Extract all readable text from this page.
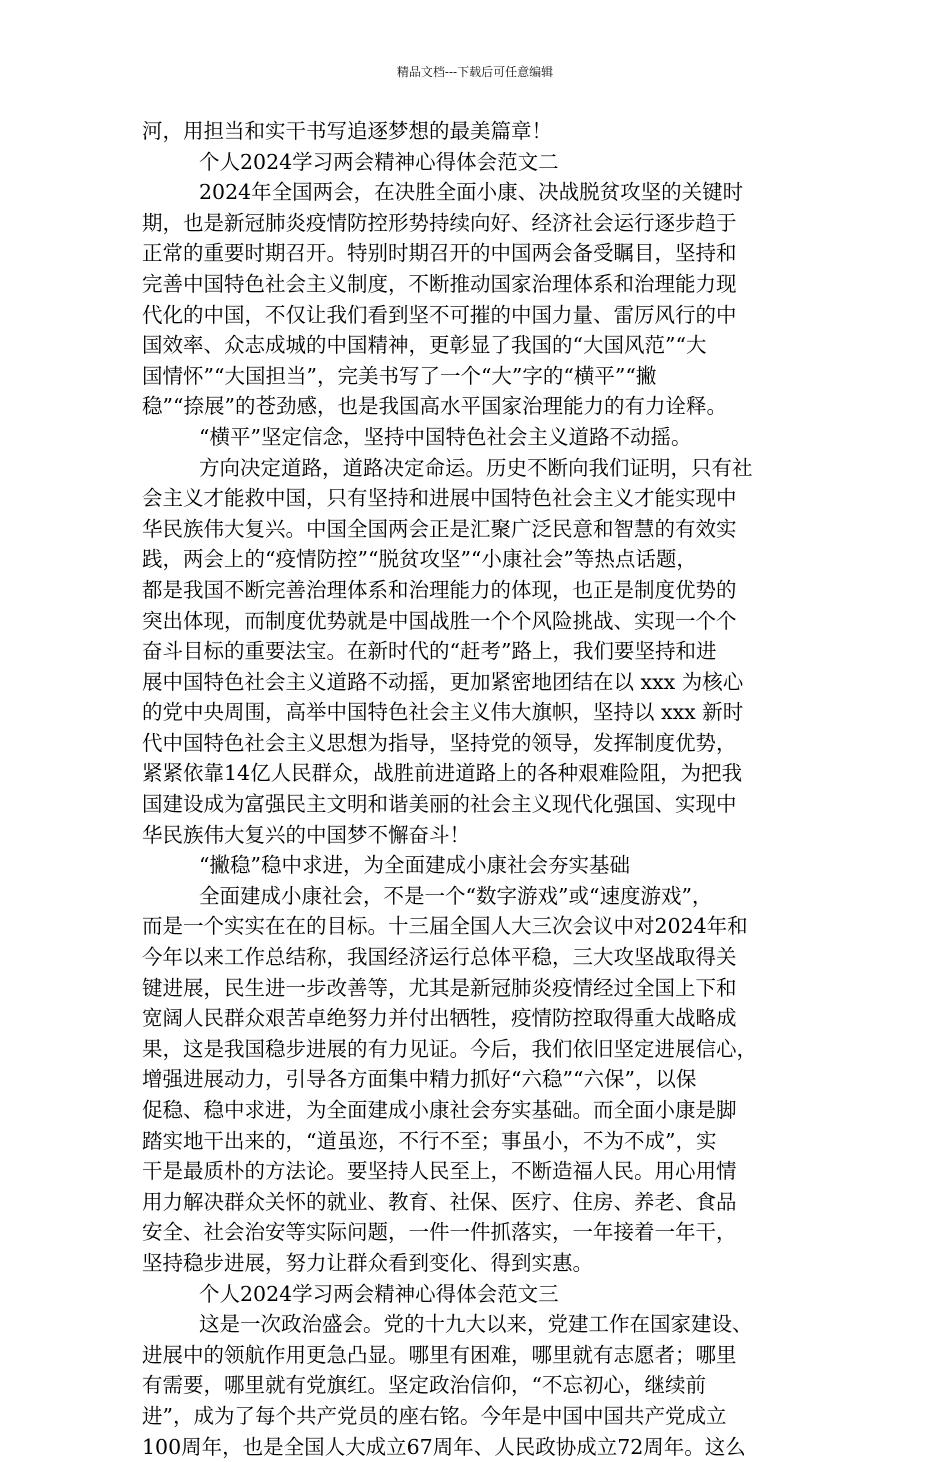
精品文档---下载后可任意编辑
河，用担当和实干书写追逐梦想的最美篇章！
个人2024学习两会精神心得体会范文二
2024年全国两会，在决胜全面小康、决战脱贫攻坚的关键时
期，也是新冠肺炎疫情防控形势持续向好、经济社会运行逐步趋于
正常的重要时期召开。特别时期召开的中国两会备受瞩目，坚持和
完善中国特色社会主义制度，不断推动国家治理体系和治理能力现
代化的中国，不仅让我们看到坚不可摧的中国力量、雷厉风行的中
国效率、众志成城的中国精神，更彰显了我国的“大国风范”“大
国情怀”“大国担当”，完美书写了一个“大”字的“横平”“撇
稳”“捺展”的苍劲感，也是我国高水平国家治理能力的有力诠释。
“横平”坚定信念，坚持中国特色社会主义道路不动摇。
方向决定道路，道路决定命运。历史不断向我们证明，只有社
会主义才能救中国，只有坚持和进展中国特色社会主义才能实现中
华民族伟大复兴。中国全国两会正是汇聚广泛民意和智慧的有效实
践，两会上的“疫情防控”“脱贫攻坚”“小康社会”等热点话题，
都是我国不断完善治理体系和治理能力的体现，也正是制度优势的
突出体现，而制度优势就是中国战胜一个个风险挑战、实现一个个
奋斗目标的重要法宝。在新时代的“赶考”路上，我们要坚持和进
展中国特色社会主义道路不动摇，更加紧密地团结在以 xxx 为核心
的党中央周围，高举中国特色社会主义伟大旗帜，坚持以 xxx 新时
代中国特色社会主义思想为指导，坚持党的领导，发挥制度优势，
紧紧依靠14亿人民群众，战胜前进道路上的各种艰难险阻，为把我
国建设成为富强民主文明和谐美丽的社会主义现代化强国、实现中
华民族伟大复兴的中国梦不懈奋斗！
“撇稳”稳中求进，为全面建成小康社会夯实基础
全面建成小康社会，不是一个“数字游戏”或“速度游戏”，
而是一个实实在在的目标。十三届全国人大三次会议中对2024年和
今年以来工作总结称，我国经济运行总体平稳，三大攻坚战取得关
键进展，民生进一步改善等，尤其是新冠肺炎疫情经过全国上下和
宽阔人民群众艰苦卓绝努力并付出牺牲，疫情防控取得重大战略成
果，这是我国稳步进展的有力见证。今后，我们依旧坚定进展信心，
增强进展动力，引导各方面集中精力抓好“六稳”“六保”，以保
促稳、稳中求进，为全面建成小康社会夯实基础。而全面小康是脚
踏实地干出来的，“道虽迩，不行不至；事虽小，不为不成”，实
干是最质朴的方法论。要坚持人民至上，不断造福人民。用心用情
用力解决群众关怀的就业、教育、社保、医疗、住房、养老、食品
安全、社会治安等实际问题，一件一件抓落实，一年接着一年干，
坚持稳步进展，努力让群众看到变化、得到实惠。
个人2024学习两会精神心得体会范文三
这是一次政治盛会。党的十九大以来，党建工作在国家建设、
进展中的领航作用更急凸显。哪里有困难，哪里就有志愿者；哪里
有需要，哪里就有党旗红。坚定政治信仰，“不忘初心，继续前
进”，成为了每个共产党员的座右铭。今年是中国中国共产党成立
100周年，也是全国人大成立67周年、人民政协成立72周年。这么
